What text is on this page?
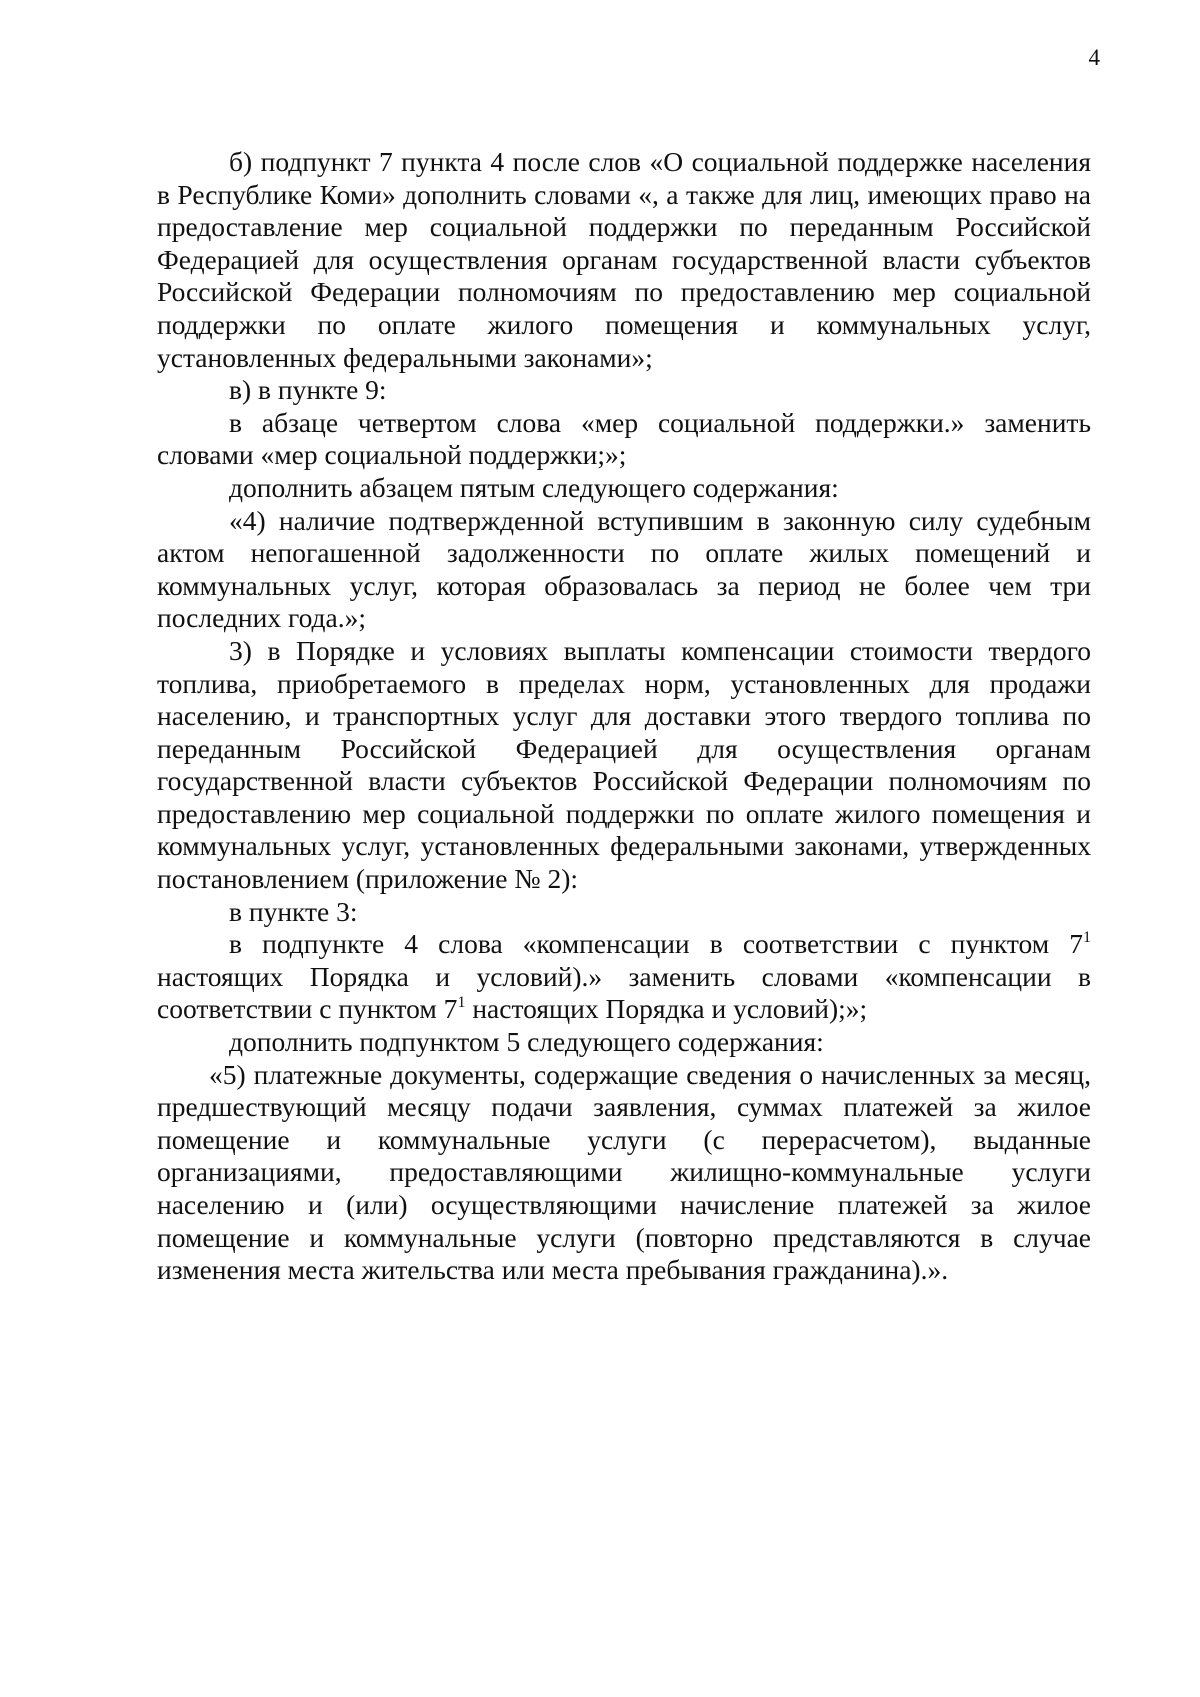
4

б) подпункт 7 пункта 4 после слов «О социальной поддержке населения в Республике Коми» дополнить словами «, а также для лиц, имеющих право на предоставление мер социальной поддержки по переданным Российской Федерацией для осуществления органам государственной власти субъектов Российской Федерации полномочиям по предоставлению мер социальной поддержки по оплате жилого помещения и коммунальных услуг, установленных федеральными законами»;

в) в пункте 9:

в абзаце четвертом слова «мер социальной поддержки.» заменить словами «мер социальной поддержки;»;

дополнить абзацем пятым следующего содержания:

«4) наличие подтвержденной вступившим в законную силу судебным актом непогашенной задолженности по оплате жилых помещений и коммунальных услуг, которая образовалась за период не более чем три последних года.»;

3) в Порядке и условиях выплаты компенсации стоимости твердого топлива, приобретаемого в пределах норм, установленных для продажи населению, и транспортных услуг для доставки этого твердого топлива по переданным Российской Федерацией для осуществления органам государственной власти субъектов Российской Федерации полномочиям по предоставлению мер социальной поддержки по оплате жилого помещения и коммунальных услуг, установленных федеральными законами, утвержденных постановлением (приложение № 2):

в пункте 3:

в подпункте 4 слова «компенсации в соответствии с пунктом $7^1$ настоящих Порядка и условий).» заменить словами «компенсации в соответствии с пунктом $7^1$ настоящих Порядка и условий);»;

дополнить подпунктом 5 следующего содержания:

«5) платежные документы, содержащие сведения о начисленных за месяц, предшествующий месяцу подачи заявления, суммах платежей за жилое помещение и коммунальные услуги (с перерасчетом), выданные организациями, предоставляющими жилищно-коммунальные услуги населению и (или) осуществляющими начисление платежей за жилое помещение и коммунальные услуги (повторно представляются в случае изменения места жительства или места пребывания гражданина).».
